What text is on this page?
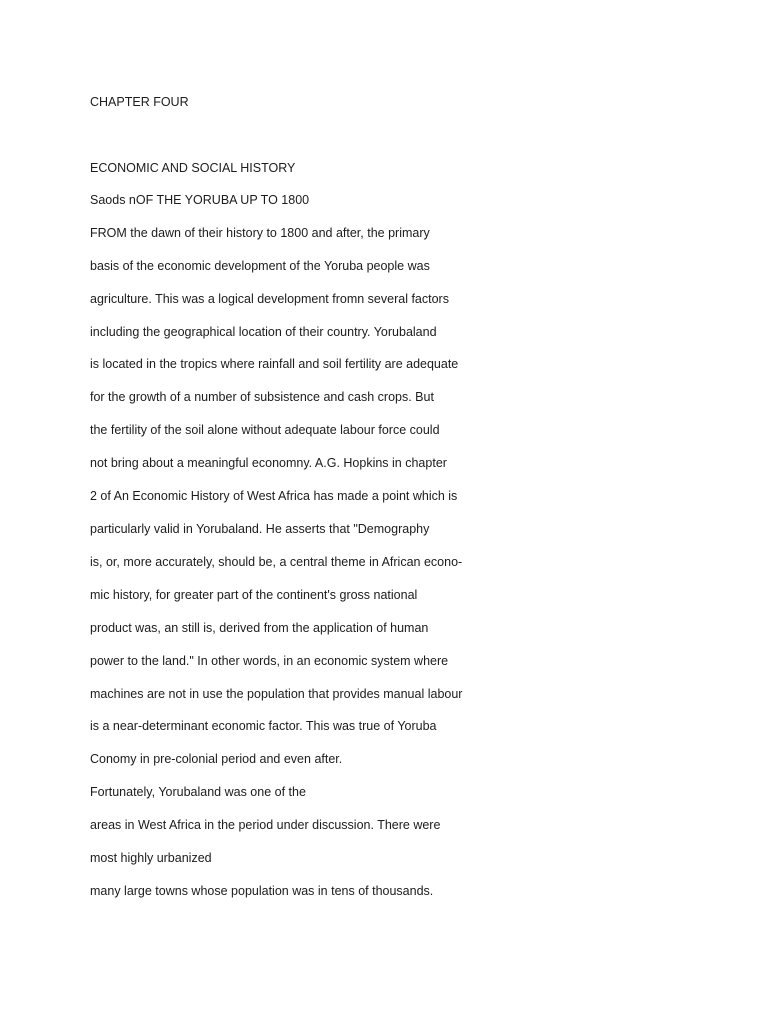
CHAPTER FOUR
ECONOMIC AND SOCIAL HISTORY
Saods nOF THE YORUBA UP TO 1800
FROM the dawn of their history to 1800 and after, the primary
basis of the economic development of the Yoruba people was
agriculture. This was a logical development fromn several factors
including the geographical location of their country. Yorubaland
is located in the tropics where rainfall and soil fertility are adequate
for the growth of a number of subsistence and cash crops. But
the fertility of the soil alone without adequate labour force could
not bring about a meaningful economny. A.G. Hopkins in chapter
2 of An Economic History of West Africa has made a point which is
particularly valid in Yorubaland. He asserts that "Demography
is, or, more accurately, should be, a central theme in African econo-
mic history, for greater part of the continent's gross national
product was, an still is, derived from the application of human
power to the land." In other words, in an economic system where
machines are not in use the population that provides manual labour
is a near-determinant economic factor. This was true of Yoruba
Conomy in pre-colonial period and even after.
Fortunately, Yorubaland was one of the
areas in West Africa in the period under discussion. There were
most highly urbanized
many large towns whose population was in tens of thousands.
